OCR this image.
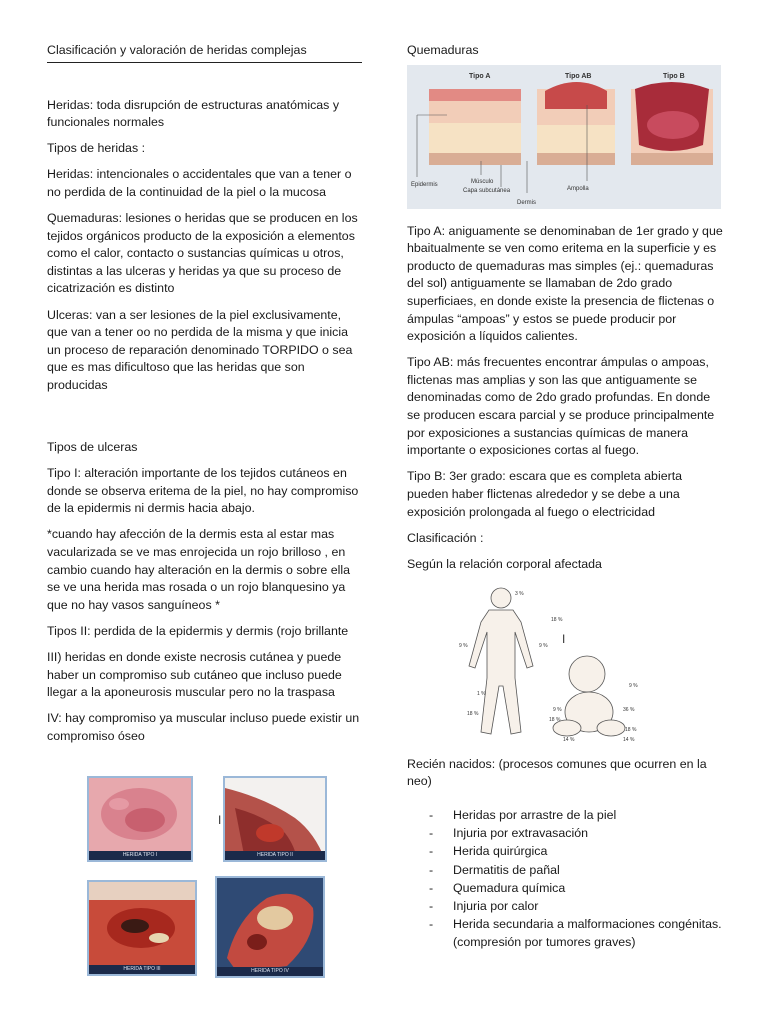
Clasificación y valoración de heridas complejas

Heridas: toda disrupción de estructuras anatómicas y funcionales normales

Tipos de heridas :

Heridas: intencionales o accidentales que van a tener o no perdida de la continuidad de la piel o la mucosa

Quemaduras: lesiones o heridas que se producen en los tejidos orgánicos producto de la exposición a elementos como el calor, contacto o sustancias químicas u otros, distintas a las ulceras y heridas ya que su proceso de cicatrización es distinto

Ulceras: van a ser lesiones de la piel exclusivamente, que van a tener oo no perdida de la misma y que inicia un proceso de reparación denominado TORPIDO o sea que es mas dificultoso que las heridas que son producidas

Tipos de ulceras

Tipo I: alteración importante de los tejidos cutáneos en donde se observa eritema de la piel, no hay compromiso de la epidermis ni dermis hacia abajo.

*cuando hay afección de la dermis esta al estar mas vacularizada se ve mas enrojecida un rojo brilloso , en cambio cuando hay alteración en la dermis o sobre ella se ve una herida mas rosada o un rojo blanquesino ya que no hay vasos sanguíneos *

Tipos II: perdida de la epidermis y dermis (rojo brillante

III) heridas en donde existe necrosis cutánea y puede haber un compromiso sub cutáneo que incluso puede llegar a la aponeurosis muscular pero no la traspasa

IV: hay compromiso ya muscular incluso puede existir un compromiso óseo

HERIDA TIPO I	HERIDA TIPO II
HERIDA TIPO III	HERIDA TIPO IV
I
Quemaduras
Tipo A	Tipo AB	Tipo B
Epidermis	Músculo
Capa subcutánea
Dermis
Ampolla

Tipo A: aniguamente se denominaban de 1er grado y que hbaitualmente se ven como eritema en la superficie y es producto de quemaduras mas simples (ej.: quemaduras del sol) antiguamente se llamaban de 2do grado superficiaes, en donde existe la presencia de flictenas o ámpulas “ampoas” y estos se puede producir por exposición a líquidos calientes.

Tipo AB: más frecuentes encontrar ámpulas o ampoas, flictenas mas amplias y son las que antiguamente se denominadas como de 2do grado profundas. En donde se producen escara parcial y se produce principalmente por exposiciones a sustancias químicas de manera importante o exposiciones cortas al fuego.

Tipo B: 3er grado: escara que es completa abierta pueden haber flictenas alrededor y se debe a una exposición prolongada al fuego o electricidad

Clasificación :

Según la relación corporal afectada

3 %
18 %
9 %	9 %
1 %
18 %
9 %
9 %
18 %
36 %
14 %	14 %
18 %

Recién nacidos: (procesos comunes que ocurren en la neo)

- Heridas por arrastre de la piel
- Injuria por extravasación
- Herida quirúrgica
- Dermatitis de pañal
- Quemadura química
- Injuria por calor
- Herida secundaria a malformaciones congénitas. (compresión por tumores graves)
I
